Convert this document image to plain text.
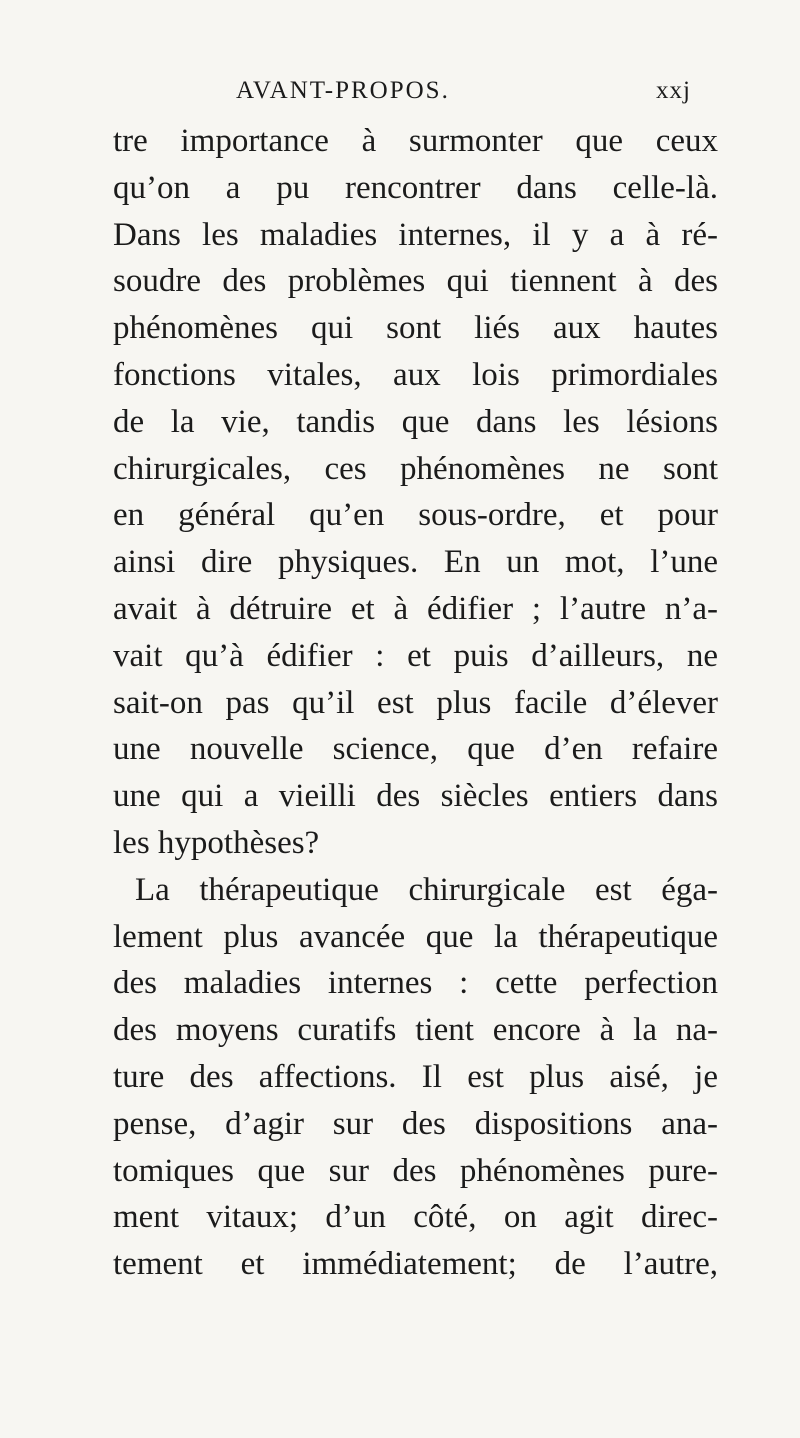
AVANT-PROPOS.	xxj
tre importance à surmonter que ceux
qu’on a pu rencontrer dans celle-là.
Dans les maladies internes, il y a à ré-
soudre des problèmes qui tiennent à des
phénomènes qui sont liés aux hautes
fonctions vitales, aux lois primordiales
de la vie, tandis que dans les lésions
chirurgicales, ces phénomènes ne sont
en général qu’en sous-ordre, et pour
ainsi dire physiques. En un mot, l’une
avait à détruire et à édifier ; l’autre n’a-
vait qu’à édifier : et puis d’ailleurs, ne
sait-on pas qu’il est plus facile d’élever
une nouvelle science, que d’en refaire
une qui a vieilli des siècles entiers dans
les hypothèses?
La thérapeutique chirurgicale est éga-
lement plus avancée que la thérapeutique
des maladies internes : cette perfection
des moyens curatifs tient encore à la na-
ture des affections. Il est plus aisé, je
pense, d’agir sur des dispositions ana-
tomiques que sur des phénomènes pure-
ment vitaux; d’un côté, on agit direc-
tement et immédiatement; de l’autre,
